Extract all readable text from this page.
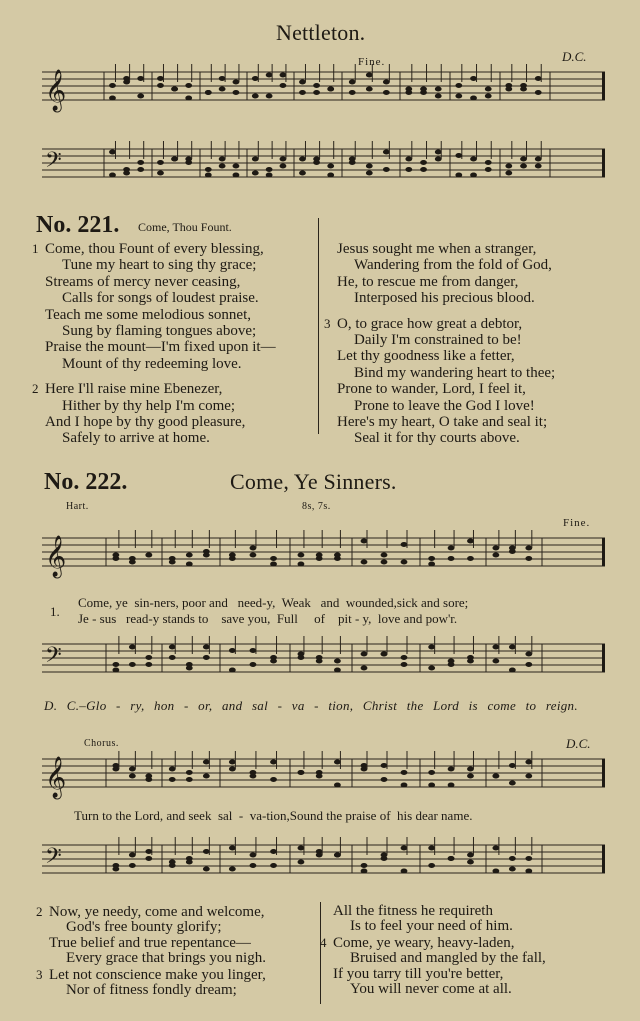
Nettleton.
Fine.	D.C.
𝄞
𝄢
No. 221. Come, Thou Fount.
1 Come, thou Fount of every blessing,
Tune my heart to sing thy grace;
Streams of mercy never ceasing,
Calls for songs of loudest praise.
Teach me some melodious sonnet,
Sung by flaming tongues above;
Praise the mount—I'm fixed upon it—
Mount of thy redeeming love.
2 Here I'll raise mine Ebenezer,
Hither by thy help I'm come;
And I hope by thy good pleasure,
Safely to arrive at home.
Jesus sought me when a stranger,
Wandering from the fold of God,
He, to rescue me from danger,
Interposed his precious blood.
3 O, to grace how great a debtor,
Daily I'm constrained to be!
Let thy goodness like a fetter,
Bind my wandering heart to thee;
Prone to wander, Lord, I feel it,
Prone to leave the God I love!
Here's my heart, O take and seal it;
Seal it for thy courts above.
No. 222.	Come, Ye Sinners.
Hart.	8s, 7s.
Fine.
𝄞
1.
Come, ye  sin-ners, poor and   need-y,  Weak   and  wounded,sick and sore;
Je - sus   read-y stands to    save you,  Full     of    pit - y,  love and pow'r.
𝄢
D. C.–Glo - ry, hon - or, and sal - va - tion, Christ the Lord is come to reign.
Chorus.	D.C.
𝄞
Turn to the Lord, and seek  sal  -  va-tion,Sound the praise of  his dear name.
𝄢
2 Now, ye needy, come and welcome,
God's free bounty glorify;
True belief and true repentance—
Every grace that brings you nigh.
3 Let not conscience make you linger,
Nor of fitness fondly dream;
All the fitness he requireth
Is to feel your need of him.
4 Come, ye weary, heavy-laden,
Bruised and mangled by the fall,
If you tarry till you're better,
You will never come at all.
